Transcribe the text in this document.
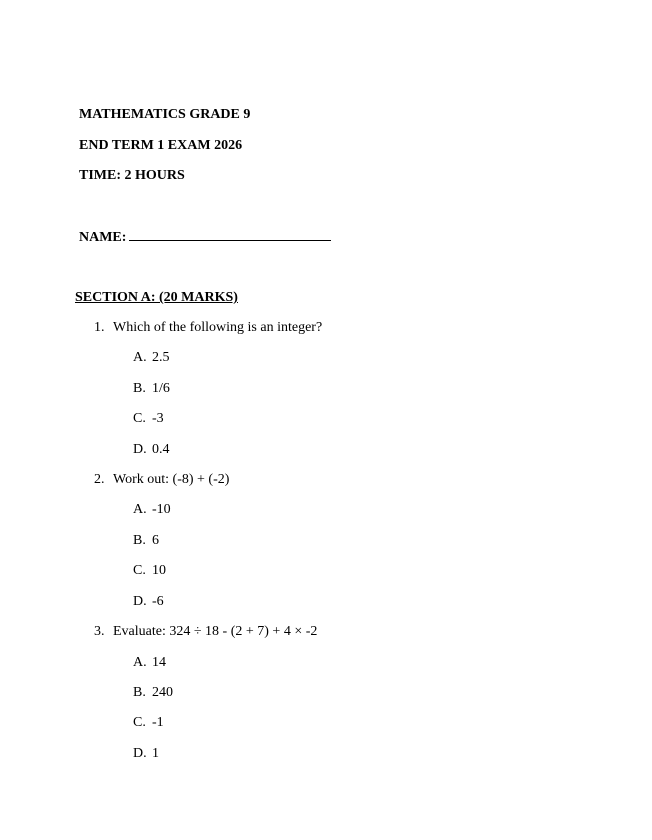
MATHEMATICS GRADE 9
END TERM 1 EXAM 2026
TIME: 2 HOURS
NAME:
SECTION A: (20 MARKS)
1. Which of the following is an integer?
A. 2.5
B. 1/6
C. -3
D. 0.4
2. Work out: (-8) + (-2)
A. -10
B. 6
C. 10
D. -6
3. Evaluate: 324 ÷ 18 - (2 + 7) + 4 × -2
A. 14
B. 240
C. -1
D. 1
